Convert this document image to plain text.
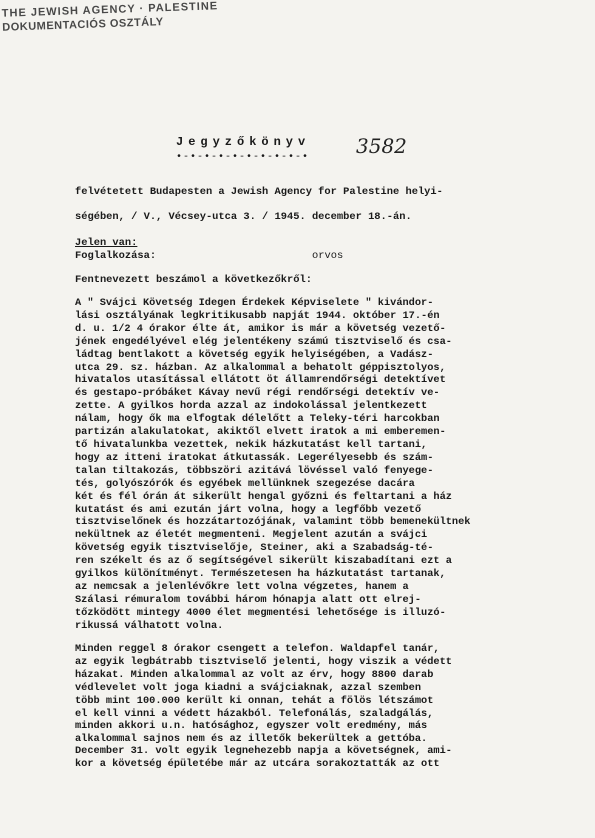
THE JEWISH AGENCY · PALESTINE
DOKUMENTACIÓS OSZTÁLY
Jegyzőkönyv
•-•-•-•-•-•-•-•-•-• 3582
felvétetett Budapesten a Jewish Agency for Palestine helyi-
ségében, / V., Vécsey-utca 3. / 1945. december 18.-án.
Jelen van:
Foglalkozása:	orvos
Fentnevezett beszámol a következőkről:
A " Svájci Követség Idegen Érdekek Képviselete " kivándor-
lási osztályának legkritikusabb napját 1944. október 17.-én
d. u. 1/2 4 órakor élte át, amikor is már a követség vezető-
jének engedélyével elég jelentékeny számú tisztviselő és csa-
ládtag bentlakott a követség egyik helyiségében, a Vadász-
utca 29. sz. házban. Az alkalommal a behatolt géppisztolyos,
hivatalos utasítással ellátott öt államrendőrségi detektívet
és gestapo-próbáket Kávay nevű régi rendőrségi detektív ve-
zette. A gyilkos horda azzal az indokolással jelentkezett
nálam, hogy ők ma elfogtak délelőtt a Teleky-téri harcokban
partizán alakulatokat, akiktől elvett iratok a mi emberemen-
tő hivatalunkba vezettek, nekik házkutatást kell tartani,
hogy az itteni iratokat átkutassák. Legerélyesebb és szám-
talan tiltakozás, többszöri azitává lövéssel való fenyege-
tés, golyószórók és egyébek mellünknek szegezése dacára
két és fél órán át sikerült hengal győzni és feltartani a ház
kutatást és ami ezután járt volna, hogy a legfőbb vezető
tisztviselőnek és hozzátartozójának, valamint több bemenekültnek
nekültnek az életét megmenteni. Megjelent azután a svájci
követség egyik tisztviselője, Steiner, aki a Szabadság-té-
ren székelt és az ő segítségével sikerült kiszabadítani ezt a
gyilkos különítményt. Természetesen ha házkutatást tartanak,
az nemcsak a jelenlévőkre lett volna végzetes, hanem a
Szálasi rémuralom további három hónapja alatt ott elrej-
tőzködött mintegy 4000 élet megmentési lehetősége is illuzó-
rikussá válhatott volna.
Minden reggel 8 órakor csengett a telefon. Waldapfel tanár,
az egyik legbátrabb tisztviselő jelenti, hogy viszik a védett
házakat. Minden alkalommal az volt az érv, hogy 8800 darab
védlevelet volt joga kiadni a svájciaknak, azzal szemben
több mint 100.000 került ki onnan, tehát a fölös létszámot
el kell vinni a védett házakból. Telefonálás, szaladgálás,
minden akkori u.n. hatósághoz, egyszer volt eredmény, más
alkalommal sajnos nem és az illetők bekerültek a gettóba.
December 31. volt egyik legnehezebb napja a követségnek, ami-
kor a követség épületébe már az utcára sorakoztatták az ott
